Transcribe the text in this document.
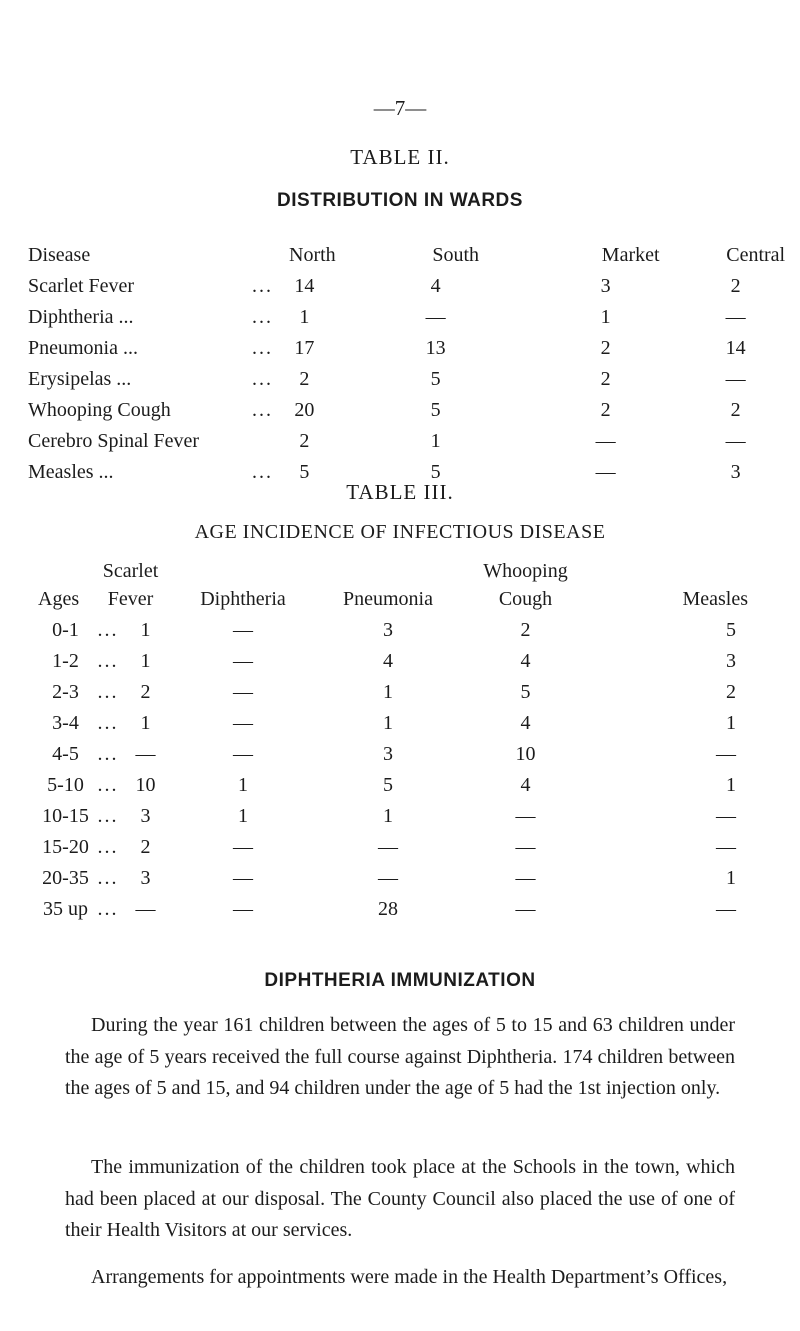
—7—
TABLE II.
DISTRIBUTION IN WARDS
Disease		North	South	Market	Central
Scarlet Fever	...	14	4	3	2
Diphtheria ...	...	1	—	1	—
Pneumonia ...	...	17	13	2	14
Erysipelas ...	...	2	5	2	—
Whooping Cough	...	20	5	2	2
Cerebro Spinal Fever		2	1	—	—
Measles ...	...	5	5	—	3
TABLE III.
AGE INCIDENCE OF INFECTIOUS DISEASE
	Scarlet				Whooping	
Ages	Fever		Diphtheria	Pneumonia	Cough	Measles
0-1	...	1	—	3	2	5
1-2	...	1	—	4	4	3
2-3	...	2	—	1	5	2
3-4	...	1	—	1	4	1
4-5	...	—	—	3	10	—
5-10	...	10	1	5	4	1
10-15	...	3	1	1	—	—
15-20	...	2	—	—	—	—
20-35	...	3	—	—	—	1
35 up	...	—	—	28	—	—
DIPHTHERIA IMMUNIZATION

During the year 161 children between the ages of 5 to 15 and 63 children under the age of 5 years received the full course against Diphtheria. 174 children between the ages of 5 and 15, and 94 children under the age of 5 had the 1st injection only.

The immunization of the children took place at the Schools in the town, which had been placed at our disposal. The County Council also placed the use of one of their Health Visitors at our services.

Arrangements for appointments were made in the Health Department’s Offices,
